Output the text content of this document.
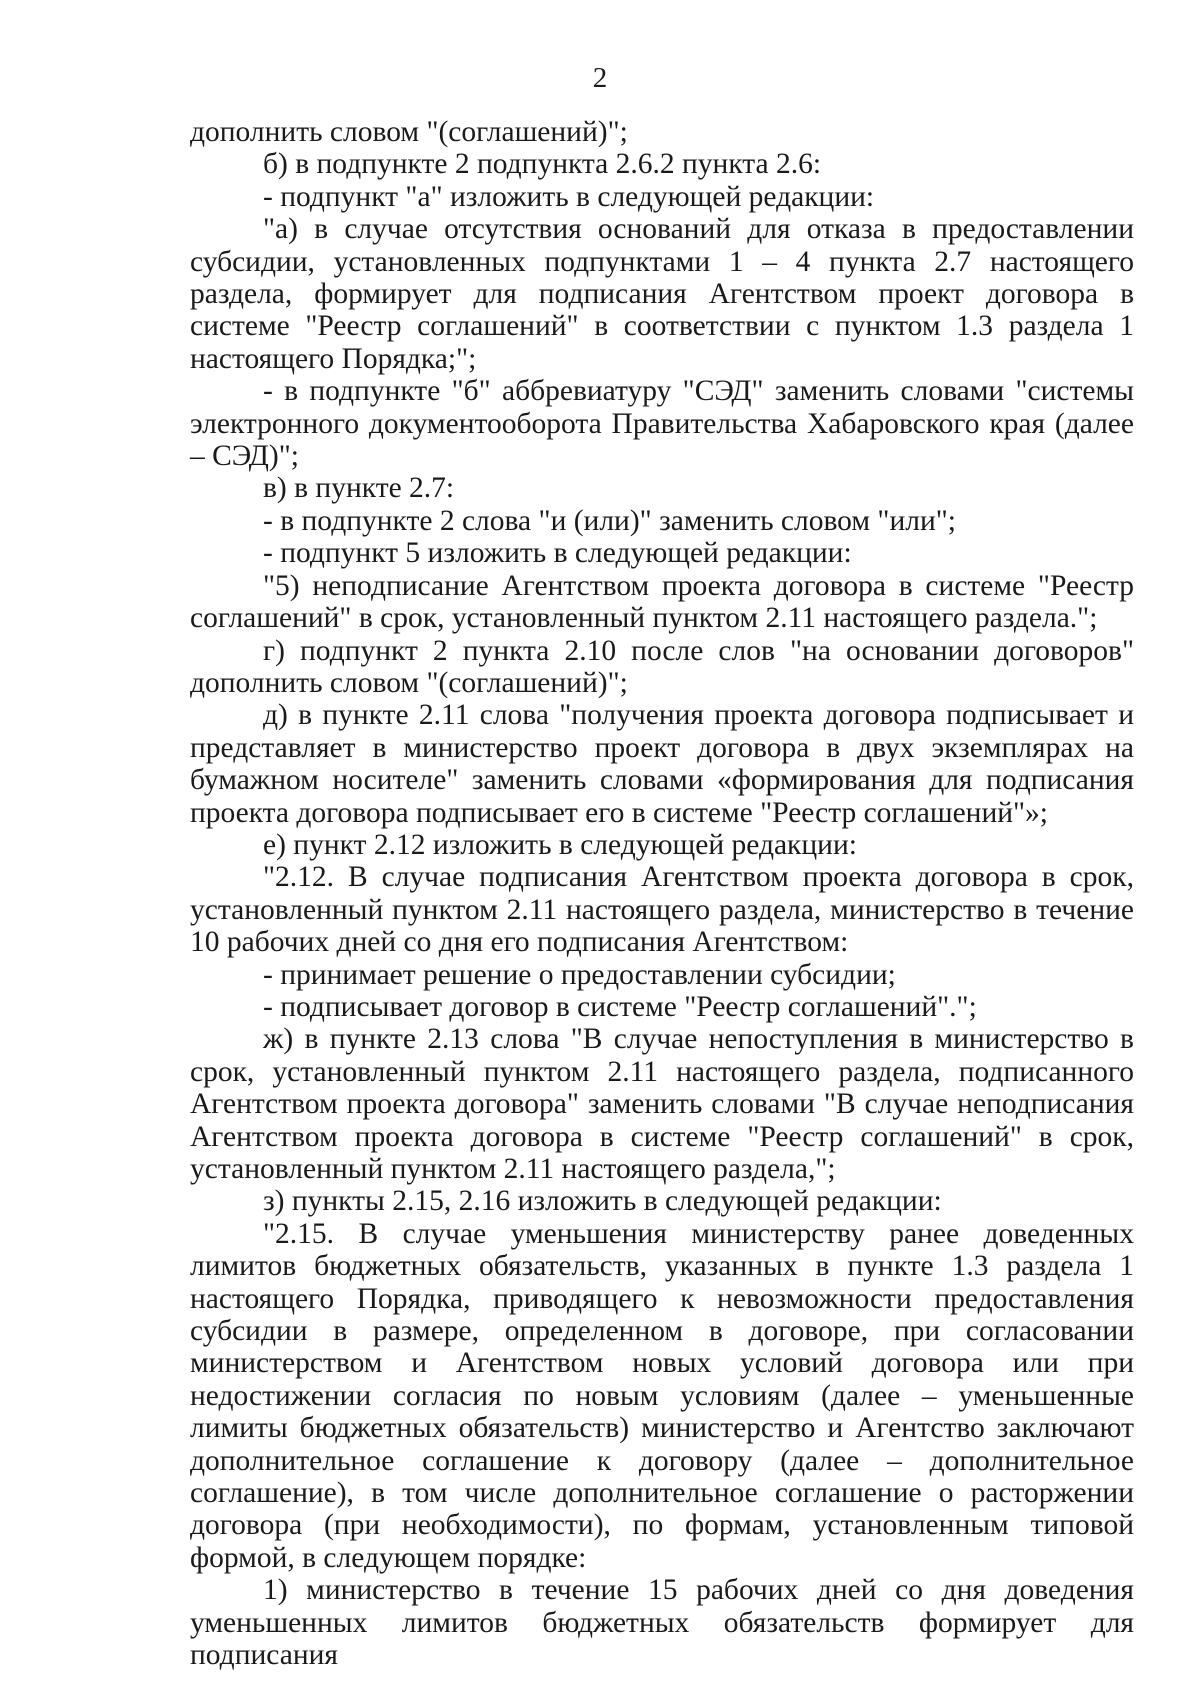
2

дополнить словом "(соглашений)";

б) в подпункте 2 подпункта 2.6.2 пункта 2.6:

- подпункт "а" изложить в следующей редакции:

"а) в случае отсутствия оснований для отказа в предоставлении субсидии, установленных подпунктами 1 – 4 пункта 2.7 настоящего раздела, формирует для подписания Агентством проект договора в системе "Реестр соглашений" в соответствии с пунктом 1.3 раздела 1 настоящего Порядка;";

- в подпункте "б" аббревиатуру "СЭД" заменить словами "системы электронного документооборота Правительства Хабаровского края (далее – СЭД)";

в) в пункте 2.7:

- в подпункте 2 слова "и (или)" заменить словом "или";

- подпункт 5 изложить в следующей редакции:

"5) неподписание Агентством проекта договора в системе "Реестр соглашений" в срок, установленный пунктом 2.11 настоящего раздела.";

г) подпункт 2 пункта 2.10 после слов "на основании договоров" дополнить словом "(соглашений)";

д) в пункте 2.11 слова "получения проекта договора подписывает и представляет в министерство проект договора в двух экземплярах на бумажном носителе" заменить словами «формирования для подписания проекта договора подписывает его в системе "Реестр соглашений"»;

е) пункт 2.12 изложить в следующей редакции:

"2.12. В случае подписания Агентством проекта договора в срок, установленный пунктом 2.11 настоящего раздела, министерство в течение 10 рабочих дней со дня его подписания Агентством:

- принимает решение о предоставлении субсидии;

- подписывает договор в системе "Реестр соглашений".";

ж) в пункте 2.13 слова "В случае непоступления в министерство в срок, установленный пунктом 2.11 настоящего раздела, подписанного Агентством проекта договора" заменить словами "В случае неподписания Агентством проекта договора в системе "Реестр соглашений" в срок, установленный пунктом 2.11 настоящего раздела,";

з) пункты 2.15, 2.16 изложить в следующей редакции:

"2.15. В случае уменьшения министерству ранее доведенных лимитов бюджетных обязательств, указанных в пункте 1.3 раздела 1 настоящего Порядка, приводящего к невозможности предоставления субсидии в размере, определенном в договоре, при согласовании министерством и Агентством новых условий договора или при недостижении согласия по новым условиям (далее – уменьшенные лимиты бюджетных обязательств) министерство и Агентство заключают дополнительное соглашение к договору (далее – дополнительное соглашение), в том числе дополнительное соглашение о расторжении договора (при необходимости), по формам, установленным типовой формой, в следующем порядке:

1) министерство в течение 15 рабочих дней со дня доведения уменьшенных лимитов бюджетных обязательств формирует для подписания
